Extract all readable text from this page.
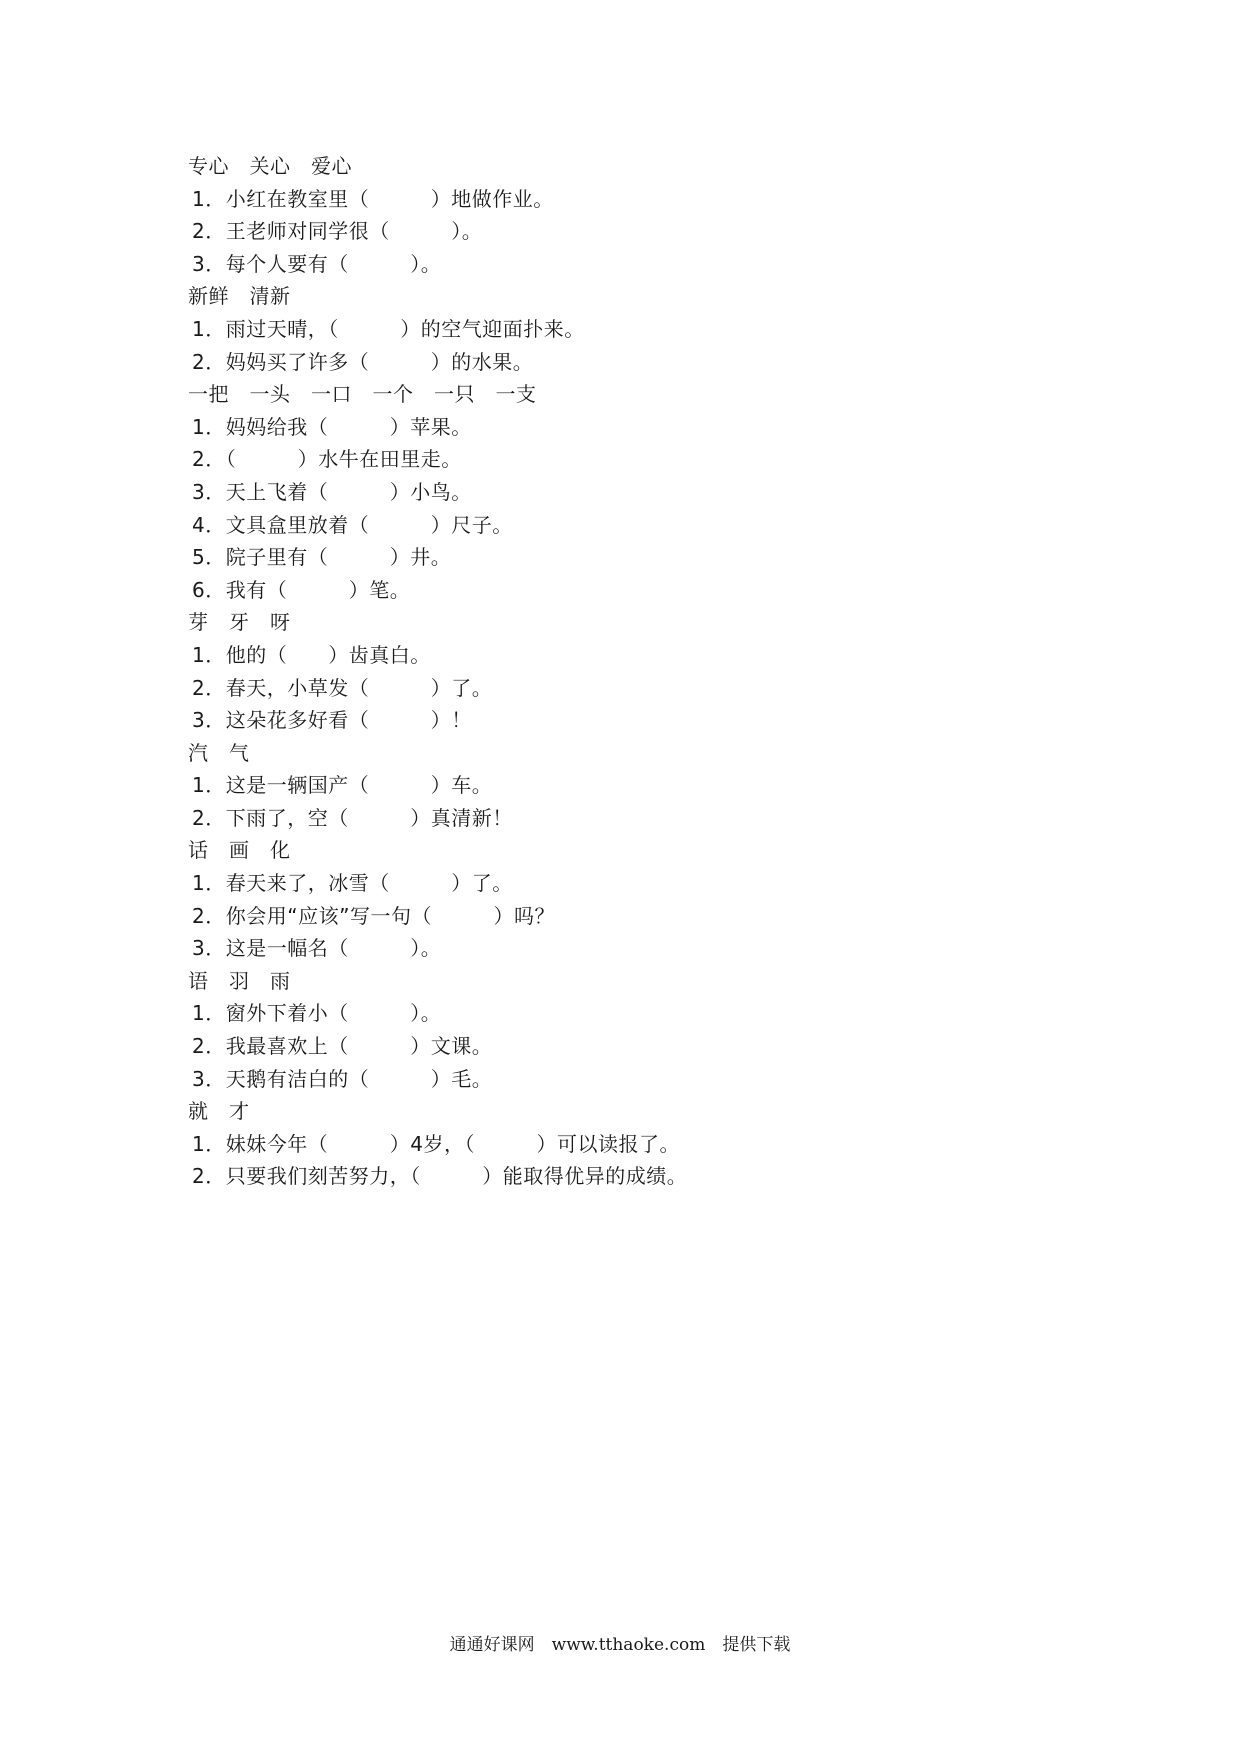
专心　关心　爱心
1．小红在教室里（　　　）地做作业。
2．王老师对同学很（　　　）。
3．每个人要有（　　　）。
新鲜　清新
1．雨过天晴，（　　　）的空气迎面扑来。
2．妈妈买了许多（　　　）的水果。
一把　一头　一口　一个　一只　一支
1．妈妈给我（　　　）苹果。
2．（　　　）水牛在田里走。
3．天上飞着（　　　）小鸟。
4．文具盒里放着（　　　）尺子。
5．院子里有（　　　）井。
6．我有（　　　）笔。
芽　牙　呀
1．他的（　　）齿真白。
2．春天，小草发（　　　）了。
3．这朵花多好看（　　　）！
汽　气
1．这是一辆国产（　　　）车。
2．下雨了，空（　　　）真清新！
话　画　化
1．春天来了，冰雪（　　　）了。
2．你会用“应该”写一句（　　　）吗？
3．这是一幅名（　　　）。
语　羽　雨
1．窗外下着小（　　　）。
2．我最喜欢上（　　　）文课。
3．天鹅有洁白的（　　　）毛。
就　才
1．妹妹今年（　　　）4岁，（　　　）可以读报了。
2．只要我们刻苦努力，（　　　）能取得优异的成绩。
通通好课网　www.tthaoke.com　提供下载
